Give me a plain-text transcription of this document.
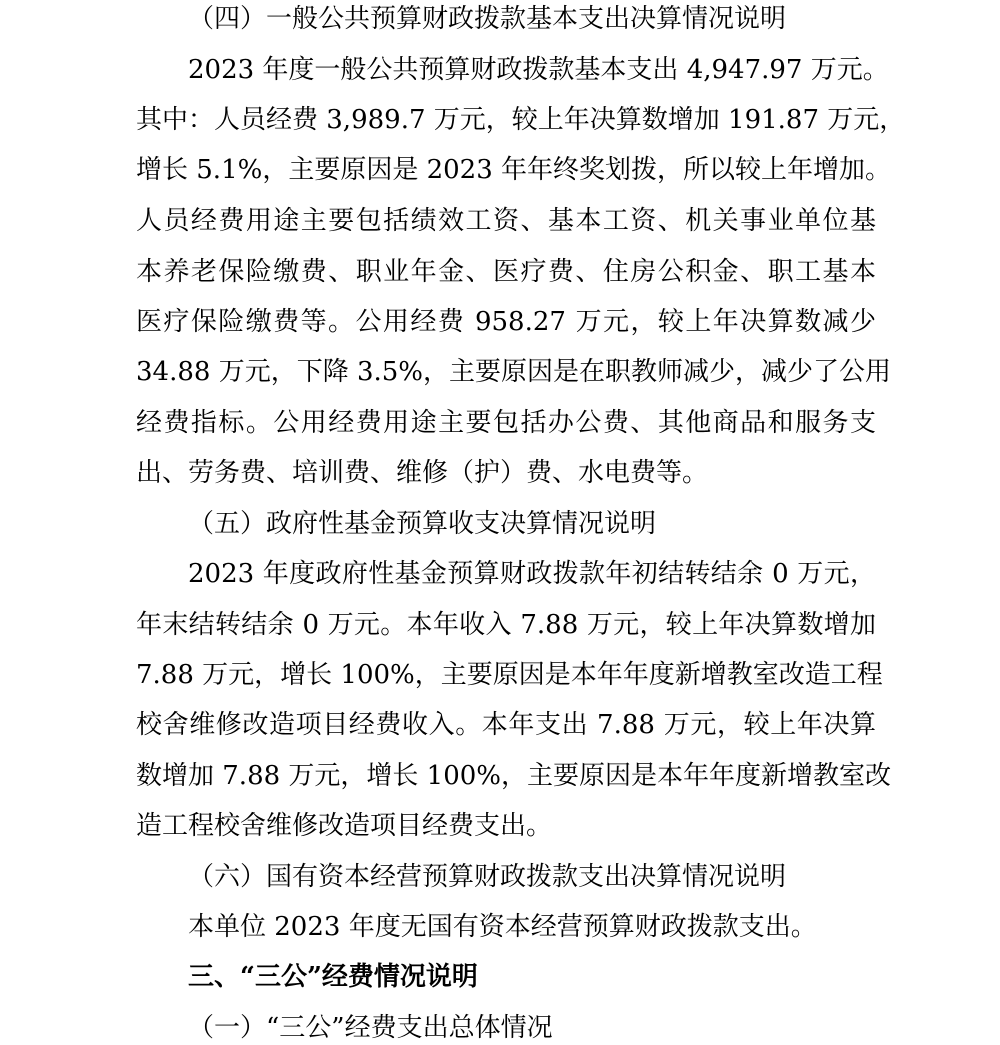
（四）一般公共预算财政拨款基本支出决算情况说明
2023 年度一般公共预算财政拨款基本支出 4,947.97 万元。
其中：人员经费 3,989.7 万元，较上年决算数增加 191.87 万元，
增长 5.1%，主要原因是 2023 年年终奖划拨，所以较上年增加。
人员经费用途主要包括绩效工资、基本工资、机关事业单位基
本养老保险缴费、职业年金、医疗费、住房公积金、职工基本
医疗保险缴费等。公用经费 958.27 万元，较上年决算数减少
34.88 万元，下降 3.5%，主要原因是在职教师减少，减少了公用
经费指标。公用经费用途主要包括办公费、其他商品和服务支
出、劳务费、培训费、维修（护）费、水电费等。
（五）政府性基金预算收支决算情况说明
2023 年度政府性基金预算财政拨款年初结转结余 0 万元，
年末结转结余 0 万元。本年收入 7.88 万元，较上年决算数增加
7.88 万元，增长 100%，主要原因是本年年度新增教室改造工程
校舍维修改造项目经费收入。本年支出 7.88 万元，较上年决算
数增加 7.88 万元，增长 100%，主要原因是本年年度新增教室改
造工程校舍维修改造项目经费支出。
（六）国有资本经营预算财政拨款支出决算情况说明
本单位 2023 年度无国有资本经营预算财政拨款支出。
三、“三公”经费情况说明
（一）“三公”经费支出总体情况
